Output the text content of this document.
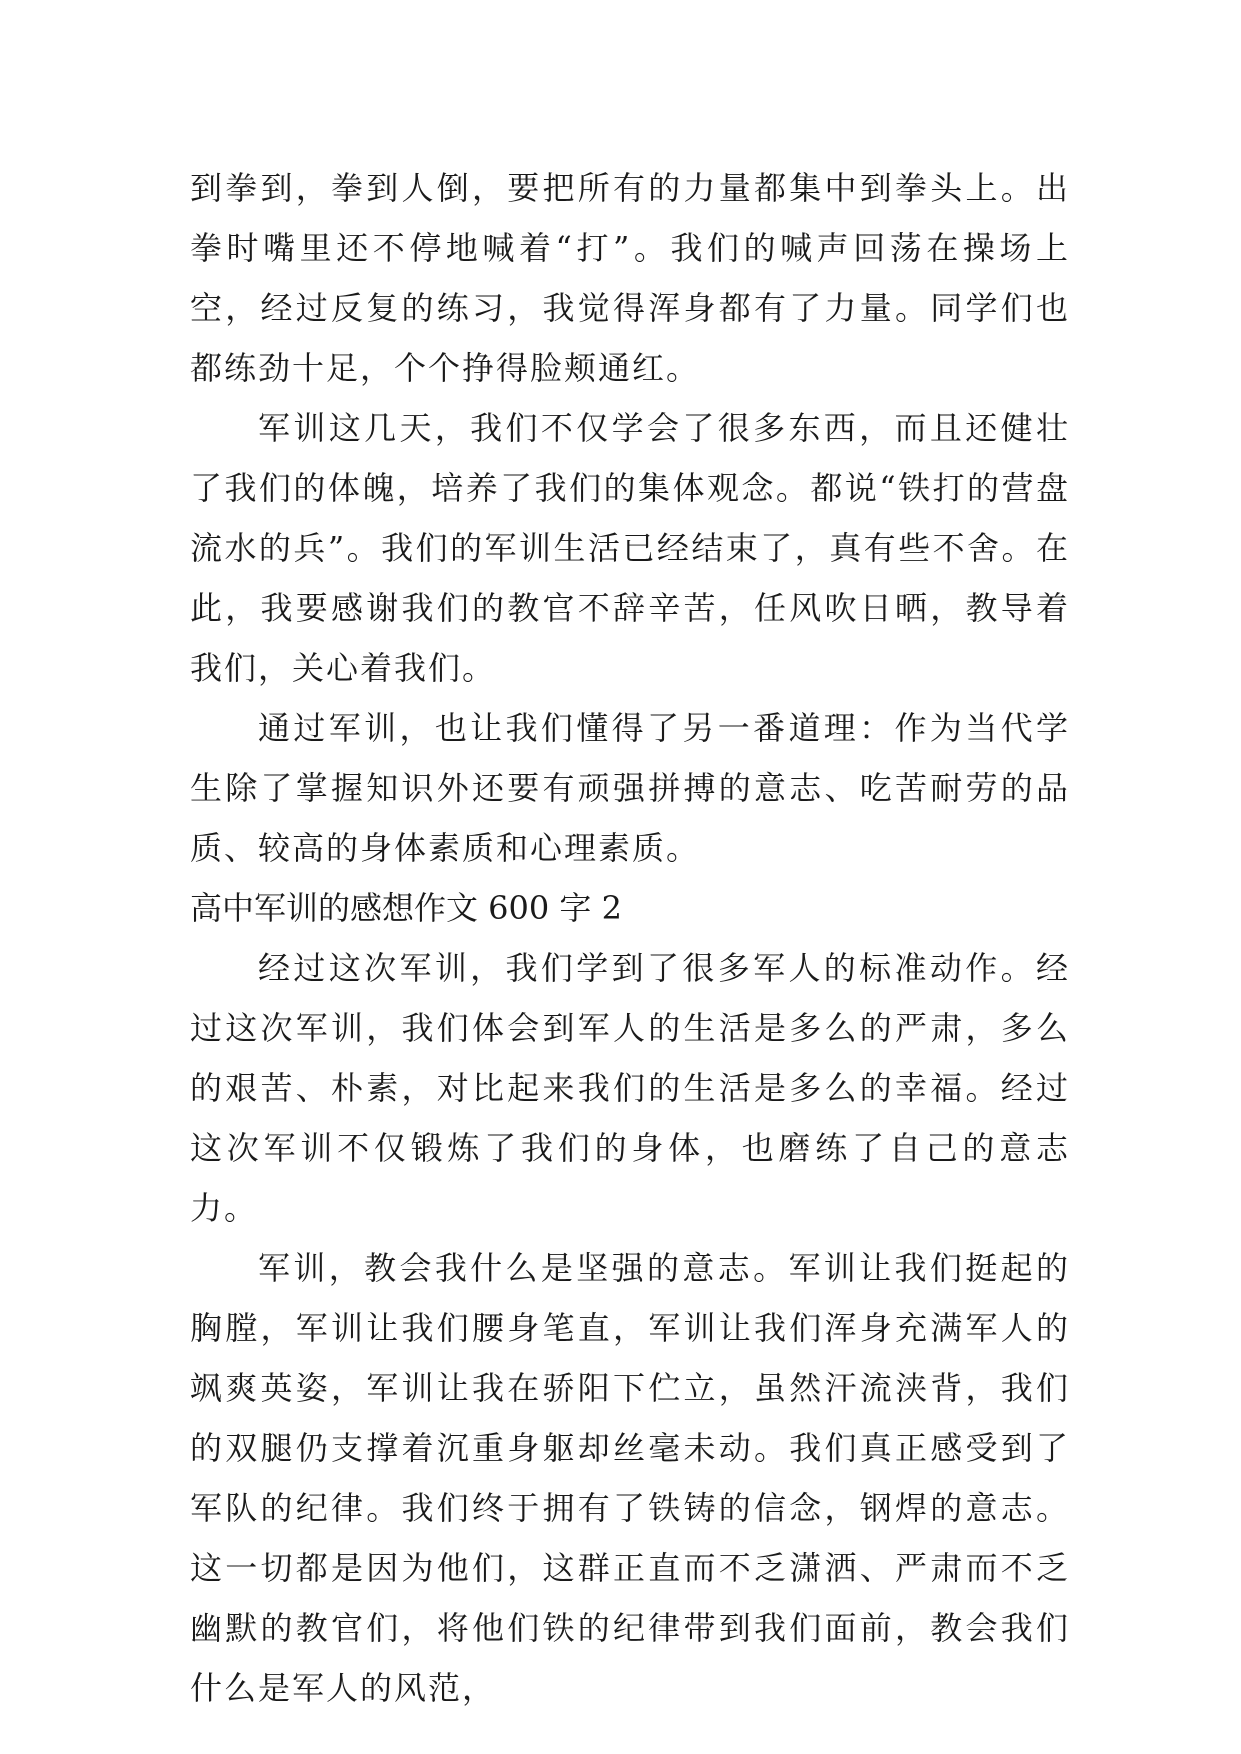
到拳到，拳到人倒，要把所有的力量都集中到拳头上。出拳时嘴里还不停地喊着“打”。我们的喊声回荡在操场上空，经过反复的练习，我觉得浑身都有了力量。同学们也都练劲十足，个个挣得脸颊通红。

军训这几天，我们不仅学会了很多东西，而且还健壮了我们的体魄，培养了我们的集体观念。都说“铁打的营盘流水的兵”。我们的军训生活已经结束了，真有些不舍。在此，我要感谢我们的教官不辞辛苦，任风吹日晒，教导着我们，关心着我们。

通过军训，也让我们懂得了另一番道理：作为当代学生除了掌握知识外还要有顽强拼搏的意志、吃苦耐劳的品质、较高的身体素质和心理素质。

高中军训的感想作文 600 字 2

经过这次军训，我们学到了很多军人的标准动作。经过这次军训，我们体会到军人的生活是多么的严肃，多么的艰苦、朴素，对比起来我们的生活是多么的幸福。经过这次军训不仅锻炼了我们的身体，也磨练了自己的意志力。

军训，教会我什么是坚强的意志。军训让我们挺起的胸膛，军训让我们腰身笔直，军训让我们浑身充满军人的飒爽英姿，军训让我在骄阳下伫立，虽然汗流浃背，我们的双腿仍支撑着沉重身躯却丝毫未动。我们真正感受到了军队的纪律。我们终于拥有了铁铸的信念，钢焊的意志。这一切都是因为他们，这群正直而不乏潇洒、严肃而不乏幽默的教官们，将他们铁的纪律带到我们面前，教会我们什么是军人的风范，
